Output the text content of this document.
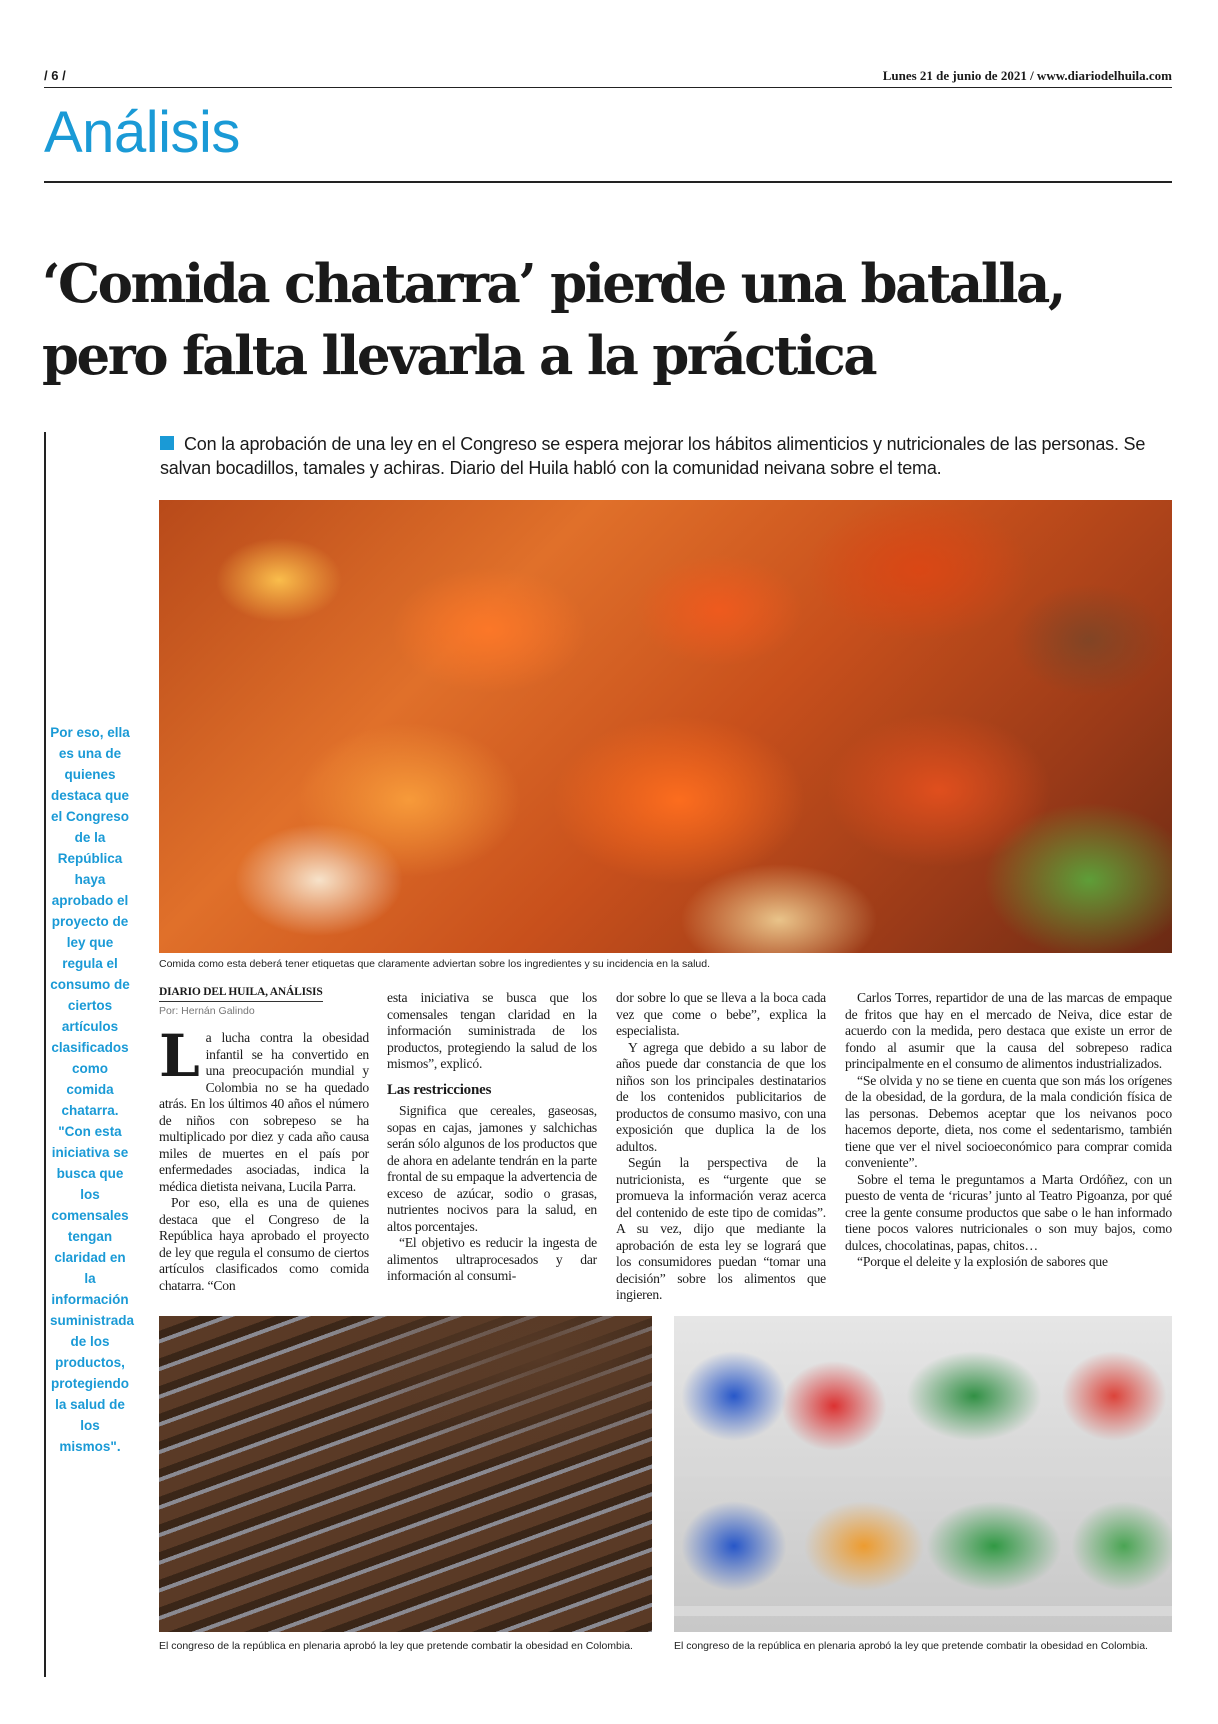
/ 6 /	Lunes 21 de junio de 2021 / www.diariodelhuila.com
Análisis
‘Comida chatarra’ pierde una batalla,
pero falta llevarla a la práctica
Por eso, ella es una de quienes destaca que el Congreso de la República haya aprobado el proyecto de ley que regula el consumo de ciertos artículos clasificados como comida chatarra. "Con esta iniciativa se busca que los comensales tengan claridad en la información suministrada de los productos, protegiendo la salud de los mismos".
Con la aprobación de una ley en el Congreso se espera mejorar los hábitos alimenticios y nutricionales de las personas. Se salvan bocadillos, tamales y achiras. Diario del Huila habló con la comunidad neivana sobre el tema.
Comida como esta deberá tener etiquetas que claramente adviertan sobre los ingredientes y su incidencia en la salud.
DIARIO DEL HUILA, ANÁLISIS
Por: Hernán Galindo

La lucha contra la obesidad infantil se ha convertido en una preocupación mundial y Colombia no se ha quedado atrás. En los últimos 40 años el número de niños con sobrepeso se ha multiplicado por diez y cada año causa miles de muertes en el país por enfermedades asociadas, indica la médica dietista neivana, Lucila Parra.

Por eso, ella es una de quienes destaca que el Congreso de la República haya aprobado el proyecto de ley que regula el consumo de ciertos artículos clasificados como comida chatarra. “Con

esta iniciativa se busca que los comensales tengan claridad en la información suministrada de los productos, protegiendo la salud de los mismos”, explicó.

Las restricciones

Significa que cereales, gaseosas, sopas en cajas, jamones y salchichas serán sólo algunos de los productos que de ahora en adelante tendrán en la parte frontal de su empaque la advertencia de exceso de azúcar, sodio o grasas, nutrientes nocivos para la salud, en altos porcentajes.

“El objetivo es reducir la ingesta de alimentos ultraprocesados y dar información al consumi-

dor sobre lo que se lleva a la boca cada vez que come o bebe”, explica la especialista.

Y agrega que debido a su labor de años puede dar constancia de que los niños son los principales destinatarios de los contenidos publicitarios de productos de consumo masivo, con una exposición que duplica la de los adultos.

Según la perspectiva de la nutricionista, es “urgente que se promueva la información veraz acerca del contenido de este tipo de comidas”. A su vez, dijo que mediante la aprobación de esta ley se logrará que los consumidores puedan “tomar una decisión” sobre los alimentos que ingieren.

Carlos Torres, repartidor de una de las marcas de empaque de fritos que hay en el mercado de Neiva, dice estar de acuerdo con la medida, pero destaca que existe un error de fondo al asumir que la causa del sobrepeso radica principalmente en el consumo de alimentos industrializados.

“Se olvida y no se tiene en cuenta que son más los orígenes de la obesidad, de la gordura, de la mala condición física de las personas. Debemos aceptar que los neivanos poco hacemos deporte, dieta, nos come el sedentarismo, también tiene que ver el nivel socioeconómico para comprar comida conveniente”.

Sobre el tema le preguntamos a Marta Ordóñez, con un puesto de venta de ‘ricuras’ junto al Teatro Pigoanza, por qué cree la gente consume productos que sabe o le han informado tiene pocos valores nutricionales o son muy bajos, como dulces, chocolatinas, papas, chitos…

“Porque el deleite y la explosión de sabores que

El congreso de la república en plenaria aprobó la ley que pretende combatir la obesidad en Colombia.	El congreso de la república en plenaria aprobó la ley que pretende combatir la obesidad en Colombia.
